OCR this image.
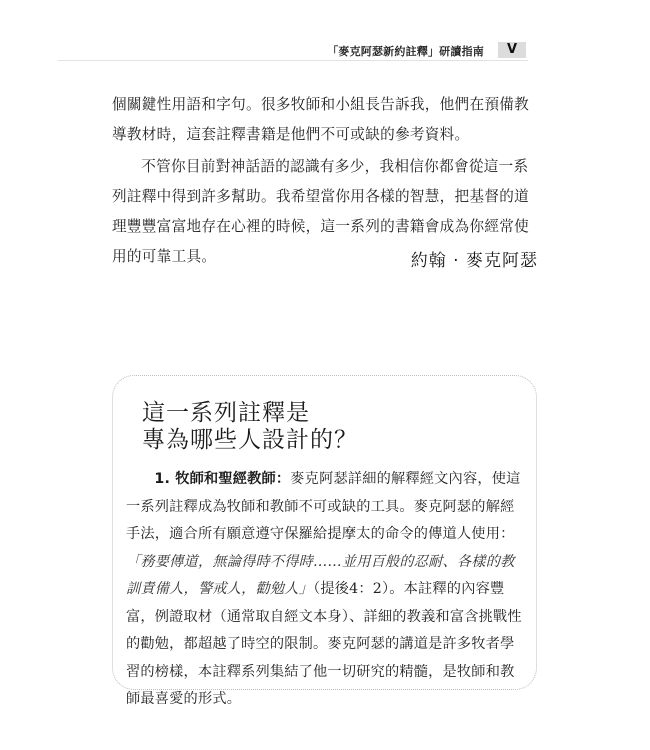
「麥克阿瑟新約註釋」研讀指南	V
個關鍵性用語和字句。很多牧師和小組長告訴我，他們在預備教導教材時，這套註釋書籍是他們不可或缺的參考資料。
不管你目前對神話語的認識有多少，我相信你都會從這一系列註釋中得到許多幫助。我希望當你用各樣的智慧，把基督的道理豐豐富富地存在心裡的時候，這一系列的書籍會成為你經常使用的可靠工具。	約翰 · 麥克阿瑟
這一系列註釋是
專為哪些人設計的？
1. 牧師和聖經教師：麥克阿瑟詳細的解釋經文內容，使這一系列註釋成為牧師和教師不可或缺的工具。麥克阿瑟的解經手法，適合所有願意遵守保羅給提摩太的命令的傳道人使用：「務要傳道，無論得時不得時……並用百般的忍耐、各樣的教訓責備人，警戒人，勸勉人」（提後4：2）。本註釋的內容豐富，例證取材（通常取自經文本身）、詳細的教義和富含挑戰性的勸勉，都超越了時空的限制。麥克阿瑟的講道是許多牧者學習的榜樣，本註釋系列集結了他一切研究的精髓，是牧師和教師最喜愛的形式。
